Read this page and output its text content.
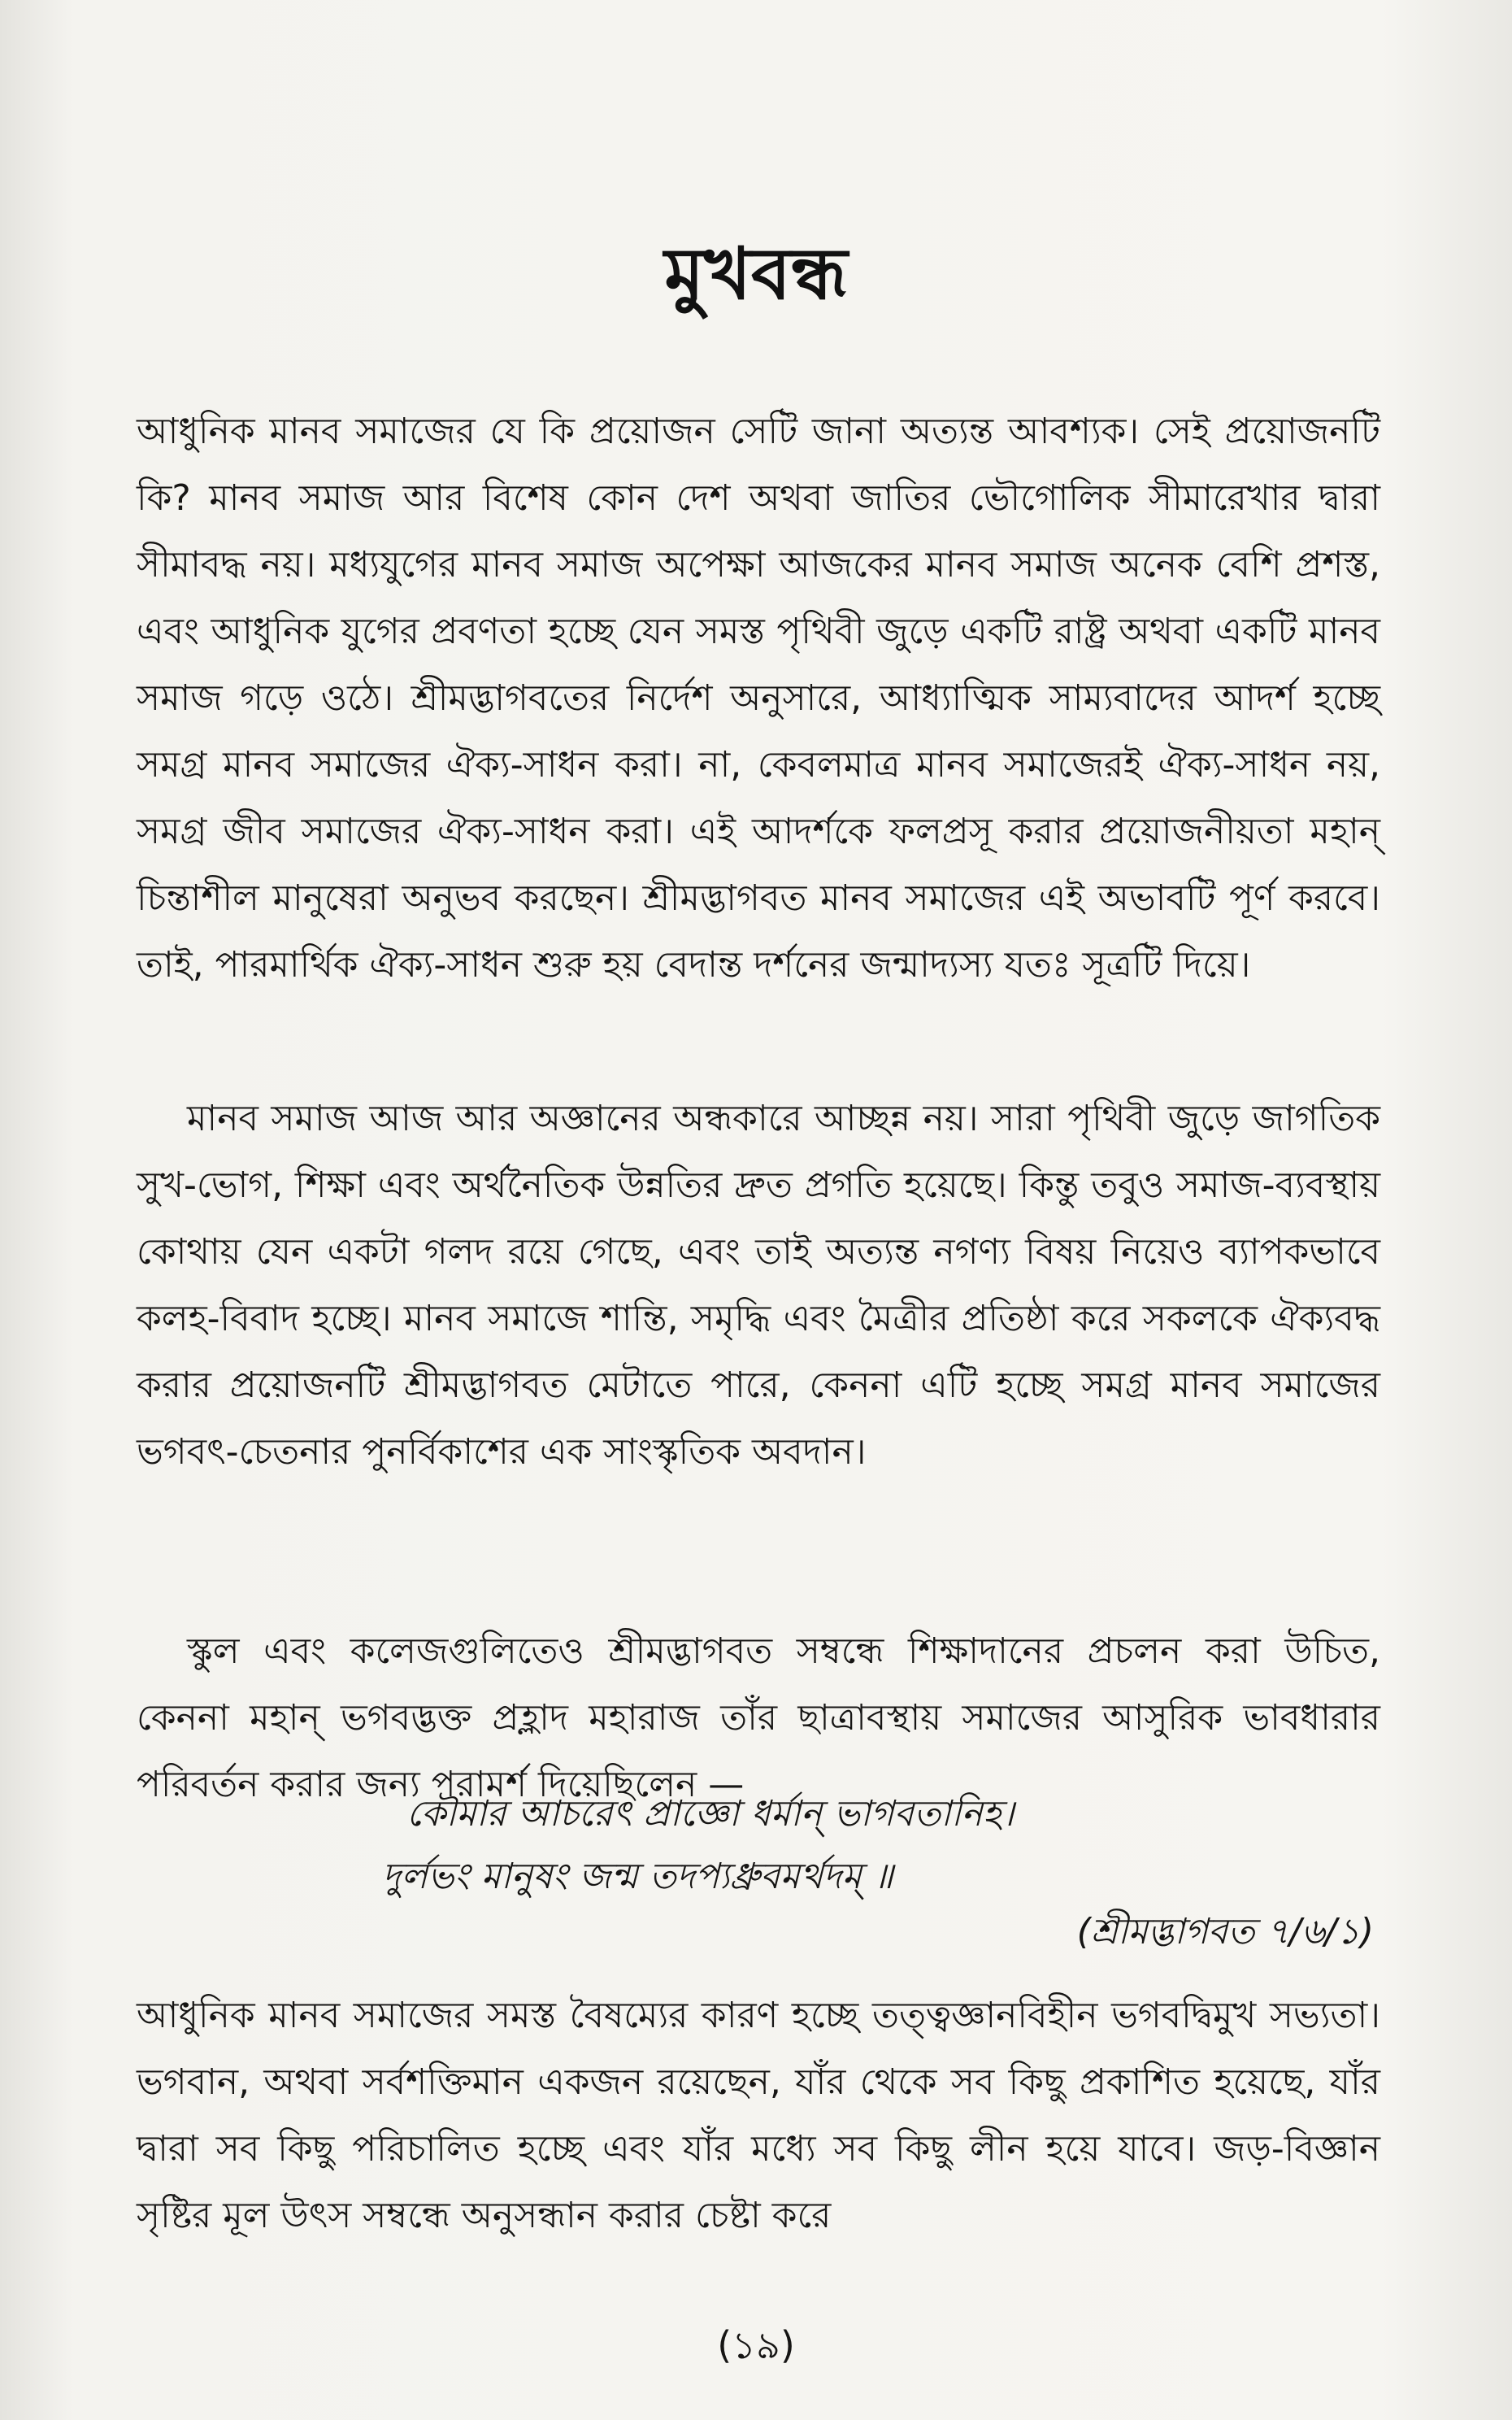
মুখবন্ধ

আধুনিক মানব সমাজের যে কি প্রয়োজন সেটি জানা অত্যন্ত আবশ্যক। সেই প্রয়োজনটি কি? মানব সমাজ আর বিশেষ কোন দেশ অথবা জাতির ভৌগোলিক সীমারেখার দ্বারা সীমাবদ্ধ নয়। মধ্যযুগের মানব সমাজ অপেক্ষা আজকের মানব সমাজ অনেক বেশি প্রশস্ত, এবং আধুনিক যুগের প্রবণতা হচ্ছে যেন সমস্ত পৃথিবী জুড়ে একটি রাষ্ট্র অথবা একটি মানব সমাজ গড়ে ওঠে। শ্রীমদ্ভাগবতের নির্দেশ অনুসারে, আধ্যাত্মিক সাম্যবাদের আদর্শ হচ্ছে সমগ্র মানব সমাজের ঐক্য-সাধন করা। না, কেবলমাত্র মানব সমাজেরই ঐক্য-সাধন নয়, সমগ্র জীব সমাজের ঐক্য-সাধন করা। এই আদর্শকে ফলপ্রসূ করার প্রয়োজনীয়তা মহান্ চিন্তাশীল মানুষেরা অনুভব করছেন। শ্রীমদ্ভাগবত মানব সমাজের এই অভাবটি পূর্ণ করবে। তাই, পারমার্থিক ঐক্য-সাধন শুরু হয় বেদান্ত দর্শনের জন্মাদ্যস্য যতঃ সূত্রটি দিয়ে।

মানব সমাজ আজ আর অজ্ঞানের অন্ধকারে আচ্ছন্ন নয়। সারা পৃথিবী জুড়ে জাগতিক সুখ-ভোগ, শিক্ষা এবং অর্থনৈতিক উন্নতির দ্রুত প্রগতি হয়েছে। কিন্তু তবুও সমাজ-ব্যবস্থায় কোথায় যেন একটা গলদ রয়ে গেছে, এবং তাই অত্যন্ত নগণ্য বিষয় নিয়েও ব্যাপকভাবে কলহ-বিবাদ হচ্ছে। মানব সমাজে শান্তি, সমৃদ্ধি এবং মৈত্রীর প্রতিষ্ঠা করে সকলকে ঐক্যবদ্ধ করার প্রয়োজনটি শ্রীমদ্ভাগবত মেটাতে পারে, কেননা এটি হচ্ছে সমগ্র মানব সমাজের ভগবৎ-চেতনার পুনর্বিকাশের এক সাংস্কৃতিক অবদান।

স্কুল এবং কলেজগুলিতেও শ্রীমদ্ভাগবত সম্বন্ধে শিক্ষাদানের প্রচলন করা উচিত, কেননা মহান্ ভগবদ্ভক্ত প্রহ্লাদ মহারাজ তাঁর ছাত্রাবস্থায় সমাজের আসুরিক ভাবধারার পরিবর্তন করার জন্য পরামর্শ দিয়েছিলেন —

কৌমার আচরেৎ প্রাজ্ঞো ধর্মান্ ভাগবতানিহ।
দুর্লভং মানুষং জন্ম তদপ্যধ্রুবমর্থদম্ ॥
(শ্রীমদ্ভাগবত ৭/৬/১)

আধুনিক মানব সমাজের সমস্ত বৈষম্যের কারণ হচ্ছে তত্ত্বজ্ঞানবিহীন ভগবদ্বিমুখ সভ্যতা। ভগবান, অথবা সর্বশক্তিমান একজন রয়েছেন, যাঁর থেকে সব কিছু প্রকাশিত হয়েছে, যাঁর দ্বারা সব কিছু পরিচালিত হচ্ছে এবং যাঁর মধ্যে সব কিছু লীন হয়ে যাবে। জড়-বিজ্ঞান সৃষ্টির মূল উৎস সম্বন্ধে অনুসন্ধান করার চেষ্টা করে

(১৯)
